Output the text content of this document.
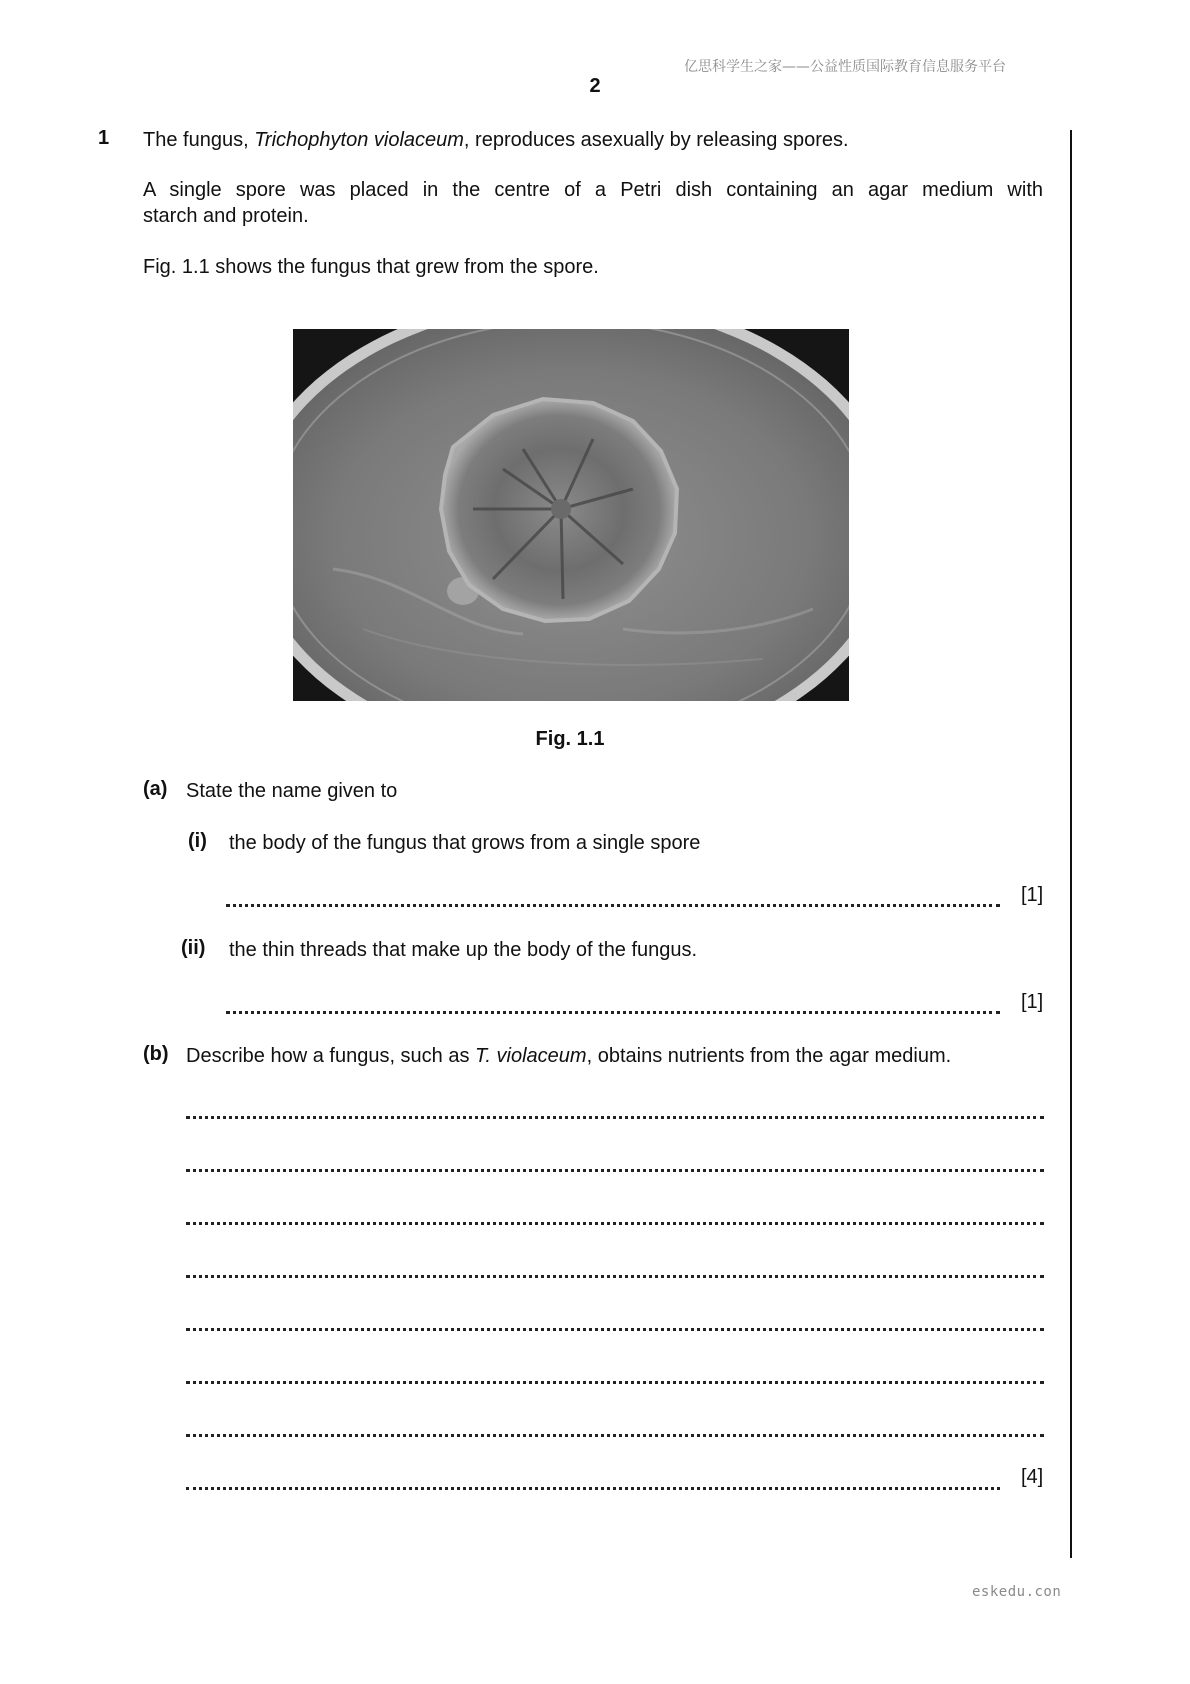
亿思科学生之家——公益性质国际教育信息服务平台
2
1 The fungus, Trichophyton violaceum, reproduces asexually by releasing spores.
A single spore was placed in the centre of a Petri dish containing an agar medium with
starch and protein.
Fig. 1.1 shows the fungus that grew from the spore.
Fig. 1.1
(a) State the name given to
(i) the body of the fungus that grows from a single spore
[1]
(ii) the thin threads that make up the body of the fungus.
[1]
(b) Describe how a fungus, such as T. violaceum, obtains nutrients from the agar medium.
[4]
eskedu.con
